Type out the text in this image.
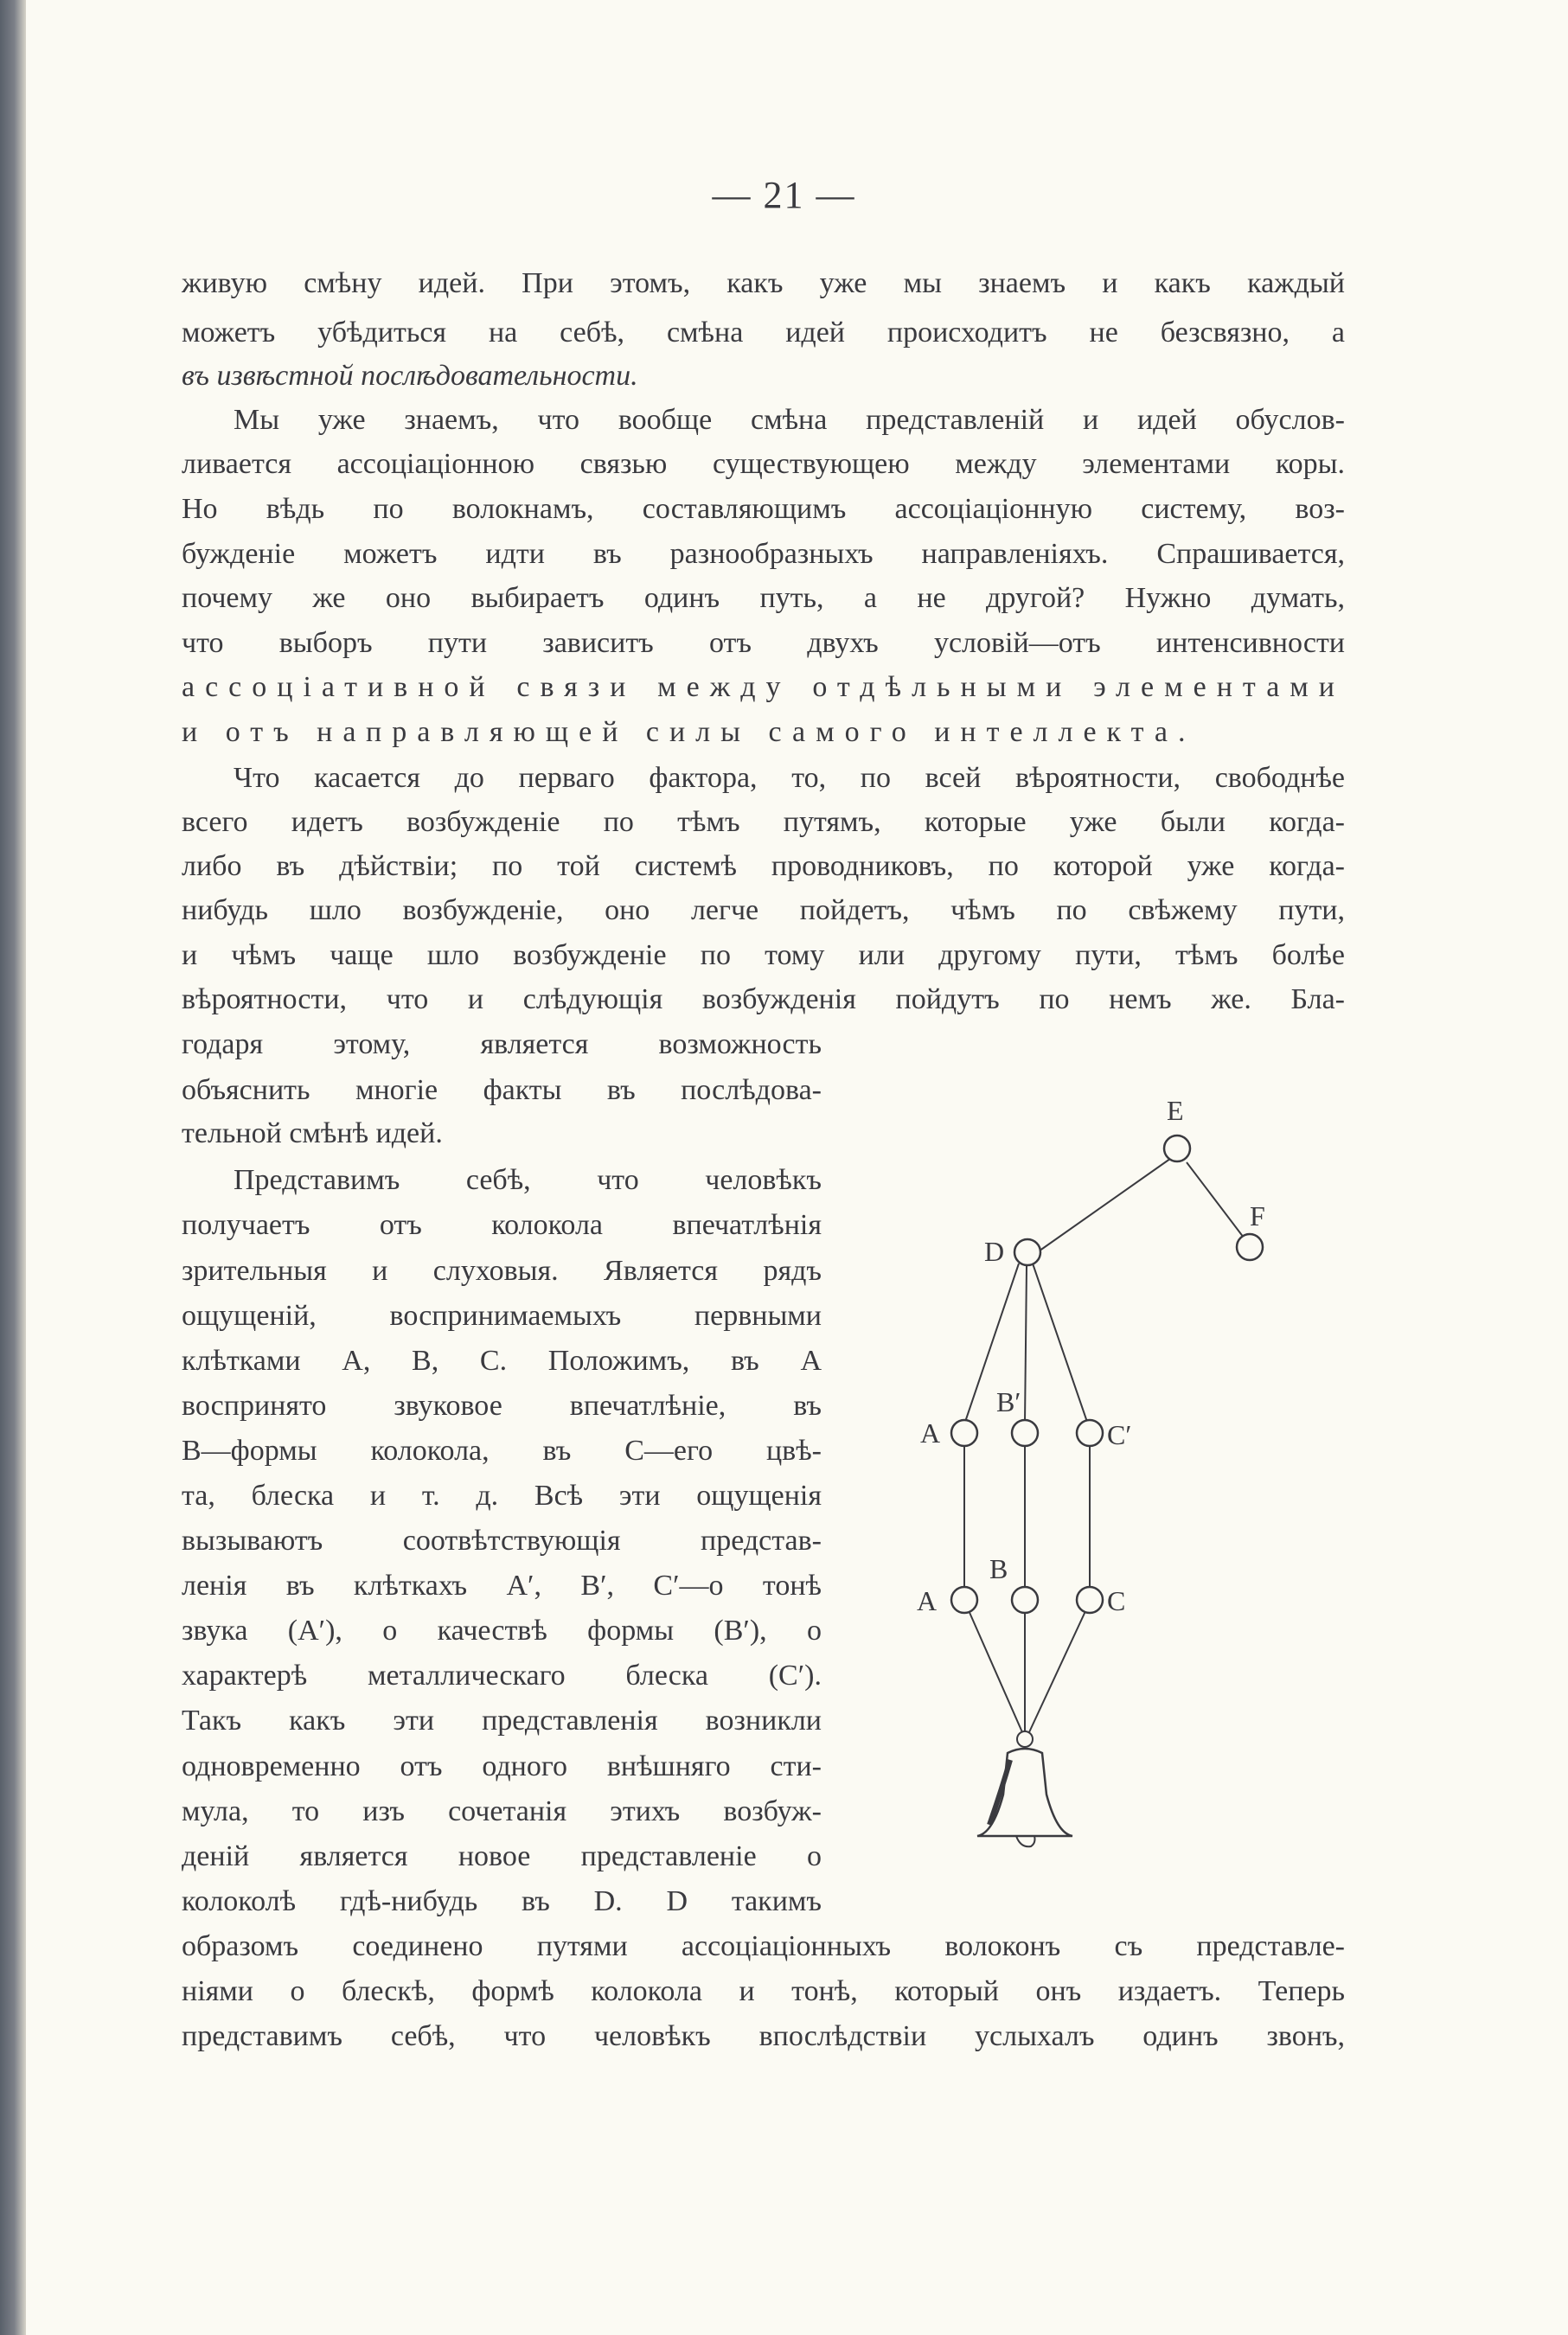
— 21 —
живую смѣну идей. При этомъ, какъ уже мы знаемъ и какъ каждый
можетъ убѣдиться на себѣ, смѣна идей происходитъ не безсвязно, а
въ извѣстной послѣдовательности.
Мы уже знаемъ, что вообще смѣна представленій и идей обуслов-
ливается ассоціаціонною связью существующею между элементами коры.
Но вѣдь по волокнамъ, составляющимъ ассоціаціонную систему, воз-
бужденіе можетъ идти въ разнообразныхъ направленіяхъ. Спрашивается,
почему же оно выбираетъ одинъ путь, а не другой? Нужно думать,
что выборъ пути зависитъ отъ двухъ условій—отъ интенсивности
ассоціативной связи между отдѣльными элементами
и отъ направляющей силы самого интеллекта.
Что касается до перваго фактора, то, по всей вѣроятности, свободнѣе
всего идетъ возбужденіе по тѣмъ путямъ, которые уже были когда-
либо въ дѣйствіи; по той системѣ проводниковъ, по которой уже когда-
нибудь шло возбужденіе, оно легче пойдетъ, чѣмъ по свѣжему пути,
и чѣмъ чаще шло возбужденіе по тому или другому пути, тѣмъ болѣе
вѣроятности, что и слѣдующія возбужденія пойдутъ по немъ же. Бла-
годаря этому, является возможность
объяснить многіе факты въ послѣдова-
тельной смѣнѣ идей.
Представимъ себѣ, что человѣкъ
получаетъ отъ колокола впечатлѣнія
зрительныя и слуховыя. Является рядъ
ощущеній, воспринимаемыхъ первными
клѣтками A, B, C. Положимъ, въ A
воспринято звуковое впечатлѣніе, въ
B—формы колокола, въ C—его цвѣ-
та, блеска и т. д. Всѣ эти ощущенія
вызываютъ соотвѣтствующія представ-
ленія въ клѣткахъ A′, B′, C′—о тонѣ
звука (A′), о качествѣ формы (B′), о
характерѣ металлическаго блеска (C′).
Такъ какъ эти представленія возникли
одновременно отъ одного внѣшняго сти-
мула, то изъ сочетанія этихъ возбуж-
деній является новое представленіе о
колоколѣ гдѣ-нибудь въ D. D такимъ
образомъ соединено путями ассоціаціонныхъ волоконъ съ представле-
ніями о блескѣ, формѣ колокола и тонѣ, который онъ издаетъ. Теперь
представимъ себѣ, что человѣкъ впослѣдствіи услыхалъ одинъ звонъ,
E
F
D
A
B′
C′
A
B
C
